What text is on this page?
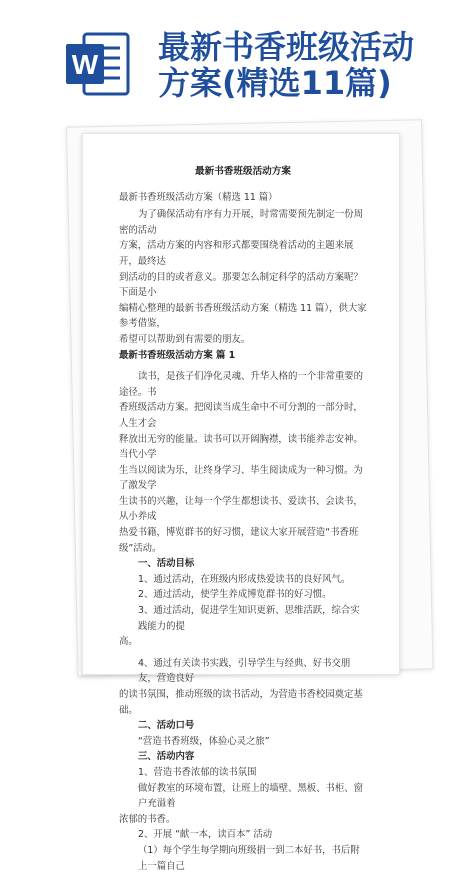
W 最新书香班级活动
方案(精选11篇)

最新书香班级活动方案

最新书香班级活动方案（精选 11 篇）

为了确保活动有序有力开展，时常需要预先制定一份周密的活动

方案，活动方案的内容和形式都要围绕着活动的主题来展开，最终达

到活动的目的或者意义。那要怎么制定科学的活动方案呢？下面是小

编精心整理的最新书香班级活动方案（精选 11 篇），供大家参考借鉴，

希望可以帮助到有需要的朋友。

最新书香班级活动方案 篇 1

读书，是孩子们净化灵魂、升华人格的一个非常重要的途径。书

香班级活动方案。把阅读当成生命中不可分割的一部分时，人生才会

释放出无穷的能量。读书可以开阔胸襟，读书能养志安神。当代小学

生当以阅读为乐，让终身学习、毕生阅读成为一种习惯。为了激发学

生读书的兴趣，让每一个学生都想读书、爱读书、会读书，从小养成

热爱书籍，博览群书的好习惯，建议大家开展营造“书香班级”活动。

一、活动目标

1、通过活动，在班级内形成热爱读书的良好风气。

2、通过活动，使学生养成博览群书的好习惯。

3、通过活动，促进学生知识更新、思维活跃，综合实践能力的提

高。

4、通过有关读书实践，引导学生与经典、好书交朋友，营造良好

的读书氛围，推动班级的读书活动，为营造书香校园奠定基础。

二、活动口号

“营造书香班级，体验心灵之旅”

三、活动内容

1、营造书香浓郁的读书氛围

做好教室的环境布置，让班上的墙壁、黑板、书柜、窗户充溢着

浓郁的书香。

2、开展 “献一本，读百本” 活动

（1）每个学生每学期向班级捐一到二本好书，书后附上一篇自己
